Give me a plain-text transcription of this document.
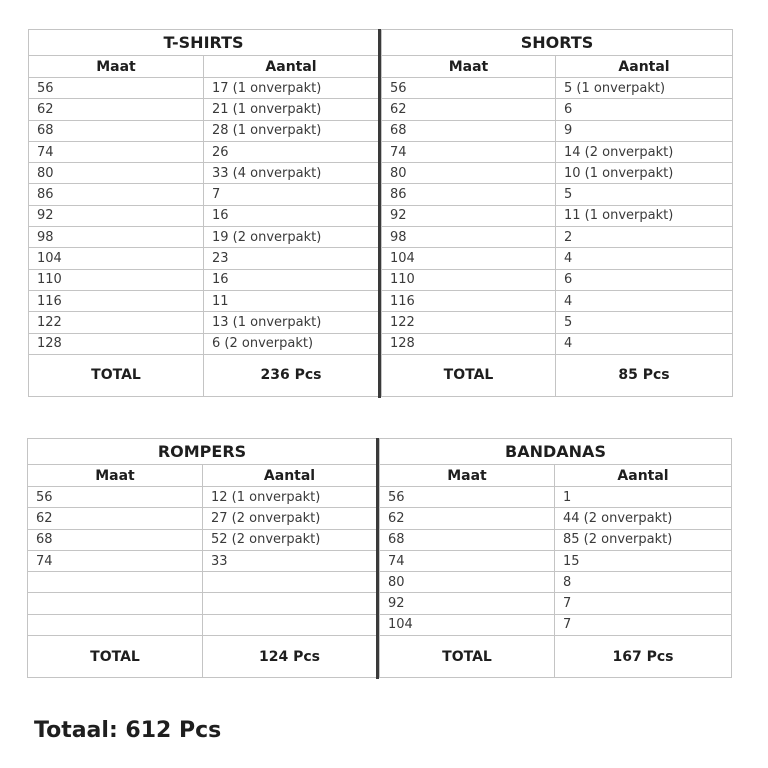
T-SHIRTS	
Maat	Aantal
56	17 (1 onverpakt)
62	21 (1 onverpakt)
68	28 (1 onverpakt)
74	26
80	33 (4 onverpakt)
86	7
92	16
98	19 (2 onverpakt)
104	23
110	16
116	11
122	13 (1 onverpakt)
128	6 (2 onverpakt)
TOTAL	236 Pcs
SHORTS	
Maat	Aantal
56	5 (1 onverpakt)
62	6
68	9
74	14 (2 onverpakt)
80	10 (1 onverpakt)
86	5
92	11 (1 onverpakt)
98	2
104	4
110	6
116	4
122	5
128	4
TOTAL	85 Pcs
ROMPERS	
Maat	Aantal
56	12 (1 onverpakt)
62	27 (2 onverpakt)
68	52 (2 onverpakt)
74	33

TOTAL	124 Pcs
BANDANAS	
Maat	Aantal
56	1
62	44 (2 onverpakt)
68	85 (2 onverpakt)
74	15
80	8
92	7
104	7
TOTAL	167 Pcs
Totaal: 612 Pcs
